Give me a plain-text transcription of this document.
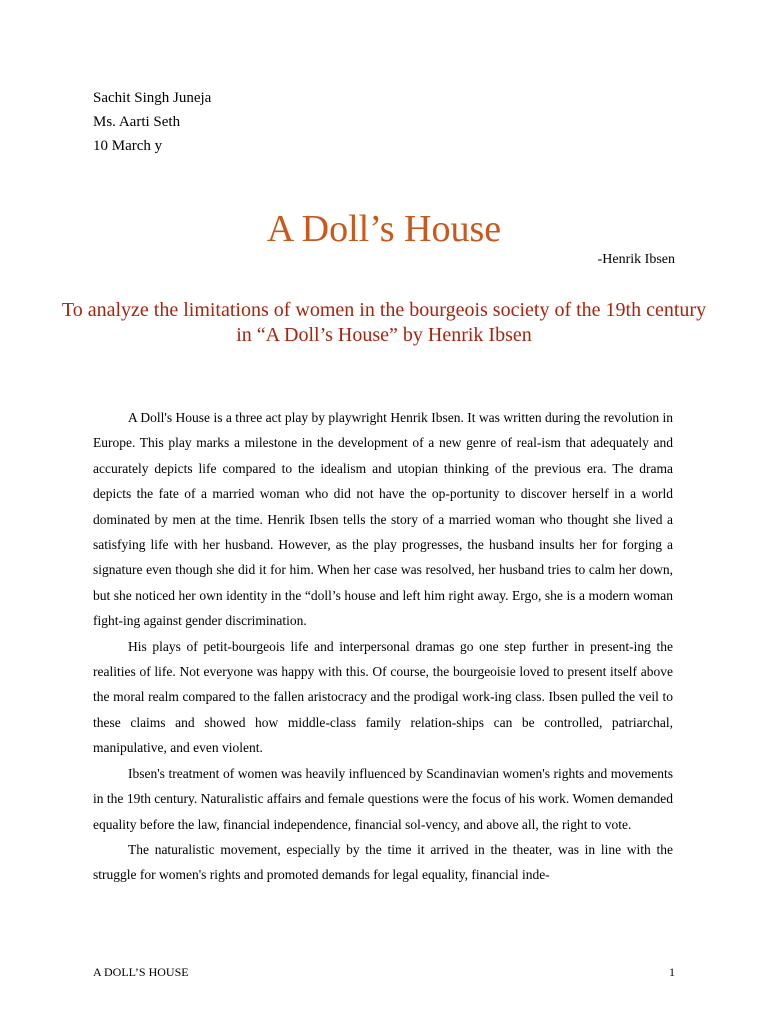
Sachit Singh Juneja
Ms. Aarti Seth
10 March y
A Doll’s House
-Henrik Ibsen
To analyze the limitations of women in the bourgeois society of the 19th century in “A Doll’s House” by Henrik Ibsen

A Doll's House is a three act play by playwright Henrik Ibsen. It was written during the revolution in Europe. This play marks a milestone in the development of a new genre of real-ism that adequately and accurately depicts life compared to the idealism and utopian thinking of the previous era. The drama depicts the fate of a married woman who did not have the op-portunity to discover herself in a world dominated by men at the time. Henrik Ibsen tells the story of a married woman who thought she lived a satisfying life with her husband. However, as the play progresses, the husband insults her for forging a signature even though she did it for him. When her case was resolved, her husband tries to calm her down, but she noticed her own identity in the “doll’s house and left him right away. Ergo, she is a modern woman fight-ing against gender discrimination.

His plays of petit-bourgeois life and interpersonal dramas go one step further in present-ing the realities of life. Not everyone was happy with this. Of course, the bourgeoisie loved to present itself above the moral realm compared to the fallen aristocracy and the prodigal work-ing class. Ibsen pulled the veil to these claims and showed how middle-class family relation-ships can be controlled, patriarchal, manipulative, and even violent.

Ibsen's treatment of women was heavily influenced by Scandinavian women's rights and movements in the 19th century. Naturalistic affairs and female questions were the focus of his work. Women demanded equality before the law, financial independence, financial sol-vency, and above all, the right to vote.

The naturalistic movement, especially by the time it arrived in the theater, was in line with the struggle for women's rights and promoted demands for legal equality, financial inde-

A DOLL’S HOUSE	1
